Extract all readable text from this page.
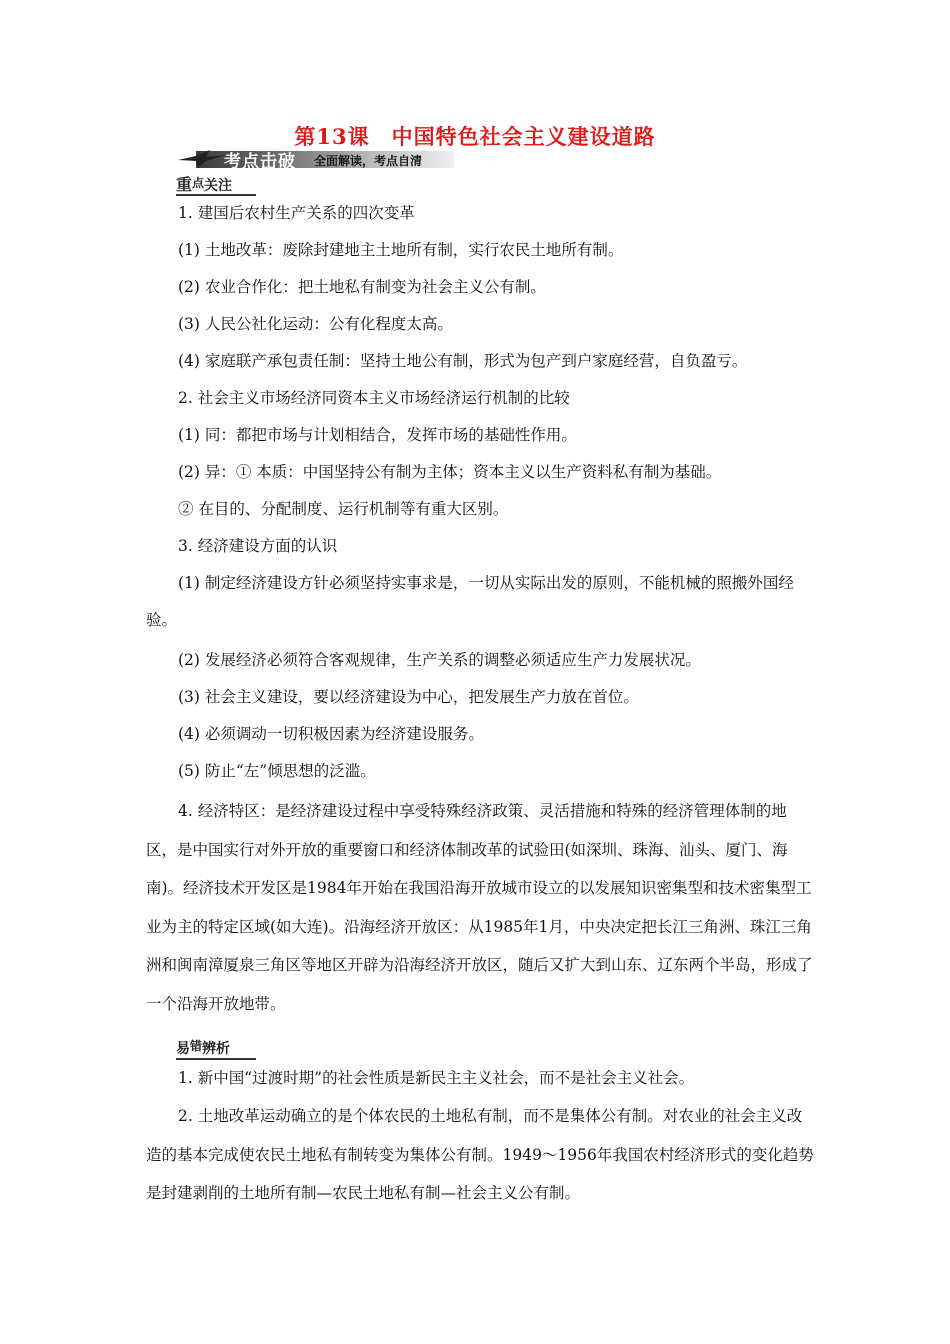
第13课　中国特色社会主义建设道路
考点击破 全面解读，考点自清
重点关注

1. 建国后农村生产关系的四次变革

(1) 土地改革：废除封建地主土地所有制，实行农民土地所有制。

(2) 农业合作化：把土地私有制变为社会主义公有制。

(3) 人民公社化运动：公有化程度太高。

(4) 家庭联产承包责任制：坚持土地公有制，形式为包产到户家庭经营，自负盈亏。

2. 社会主义市场经济同资本主义市场经济运行机制的比较

(1) 同：都把市场与计划相结合，发挥市场的基础性作用。

(2) 异：① 本质：中国坚持公有制为主体；资本主义以生产资料私有制为基础。

② 在目的、分配制度、运行机制等有重大区别。

3. 经济建设方面的认识

(1) 制定经济建设方针必须坚持实事求是，一切从实际出发的原则，不能机械的照搬外国经验。

(2) 发展经济必须符合客观规律，生产关系的调整必须适应生产力发展状况。

(3) 社会主义建设，要以经济建设为中心，把发展生产力放在首位。

(4) 必须调动一切积极因素为经济建设服务。

(5) 防止“左”倾思想的泛滥。

4. 经济特区：是经济建设过程中享受特殊经济政策、灵活措施和特殊的经济管理体制的地区，是中国实行对外开放的重要窗口和经济体制改革的试验田(如深圳、珠海、汕头、厦门、海南)。经济技术开发区是1984年开始在我国沿海开放城市设立的以发展知识密集型和技术密集型工业为主的特定区域(如大连)。沿海经济开放区：从1985年1月，中央决定把长江三角洲、珠江三角洲和闽南漳厦泉三角区等地区开辟为沿海经济开放区，随后又扩大到山东、辽东两个半岛，形成了一个沿海开放地带。

易错辨析

1. 新中国“过渡时期”的社会性质是新民主主义社会，而不是社会主义社会。

2. 土地改革运动确立的是个体农民的土地私有制，而不是集体公有制。对农业的社会主义改造的基本完成使农民土地私有制转变为集体公有制。1949～1956年我国农村经济形式的变化趋势是封建剥削的土地所有制—农民土地私有制—社会主义公有制。
